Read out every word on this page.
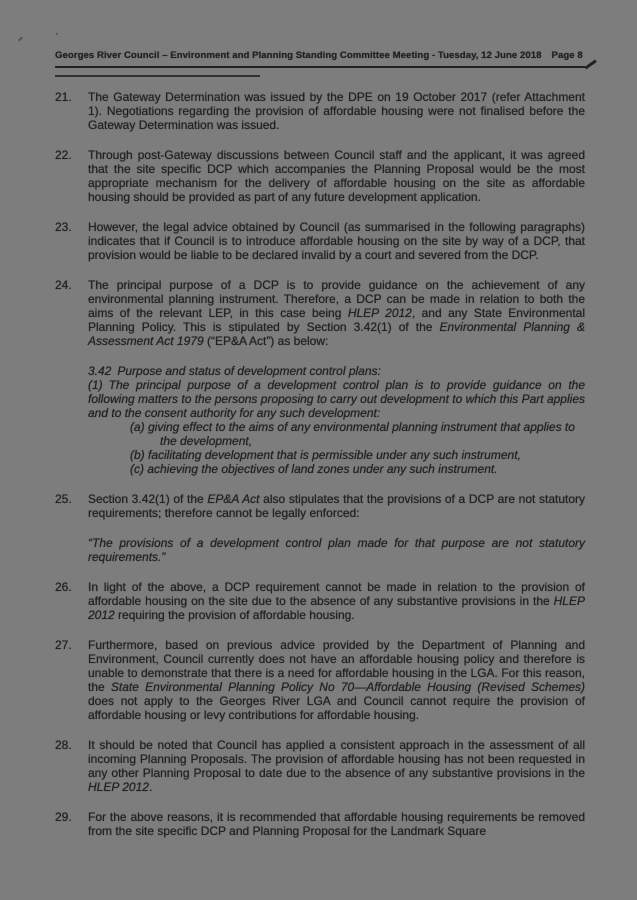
Georges River Council – Environment and Planning Standing Committee Meeting - Tuesday, 12 June 2018 Page 8
21.	The Gateway Determination was issued by the DPE on 19 October 2017 (refer Attachment 1). Negotiations regarding the provision of affordable housing were not finalised before the Gateway Determination was issued.
22.	Through post-Gateway discussions between Council staff and the applicant, it was agreed that the site specific DCP which accompanies the Planning Proposal would be the most appropriate mechanism for the delivery of affordable housing on the site as affordable housing should be provided as part of any future development application.
23.	However, the legal advice obtained by Council (as summarised in the following paragraphs) indicates that if Council is to introduce affordable housing on the site by way of a DCP, that provision would be liable to be declared invalid by a court and severed from the DCP.
24.	The principal purpose of a DCP is to provide guidance on the achievement of any environmental planning instrument. Therefore, a DCP can be made in relation to both the aims of the relevant LEP, in this case being HLEP 2012, and any State Environmental Planning Policy. This is stipulated by Section 3.42(1) of the Environmental Planning & Assessment Act 1979 (“EP&A Act”) as below:
3.42 Purpose and status of development control plans:
(1) The principal purpose of a development control plan is to provide guidance on the following matters to the persons proposing to carry out development to which this Part applies and to the consent authority for any such development:
(a) giving effect to the aims of any environmental planning instrument that applies to the development,
(b) facilitating development that is permissible under any such instrument,
(c) achieving the objectives of land zones under any such instrument.
25.	Section 3.42(1) of the EP&A Act also stipulates that the provisions of a DCP are not statutory requirements; therefore cannot be legally enforced:
“The provisions of a development control plan made for that purpose are not statutory requirements.”
26.	In light of the above, a DCP requirement cannot be made in relation to the provision of affordable housing on the site due to the absence of any substantive provisions in the HLEP 2012 requiring the provision of affordable housing.
27.	Furthermore, based on previous advice provided by the Department of Planning and Environment, Council currently does not have an affordable housing policy and therefore is unable to demonstrate that there is a need for affordable housing in the LGA. For this reason, the State Environmental Planning Policy No 70—Affordable Housing (Revised Schemes) does not apply to the Georges River LGA and Council cannot require the provision of affordable housing or levy contributions for affordable housing.
28.	It should be noted that Council has applied a consistent approach in the assessment of all incoming Planning Proposals. The provision of affordable housing has not been requested in any other Planning Proposal to date due to the absence of any substantive provisions in the HLEP 2012.
29.	For the above reasons, it is recommended that affordable housing requirements be removed from the site specific DCP and Planning Proposal for the Landmark Square
